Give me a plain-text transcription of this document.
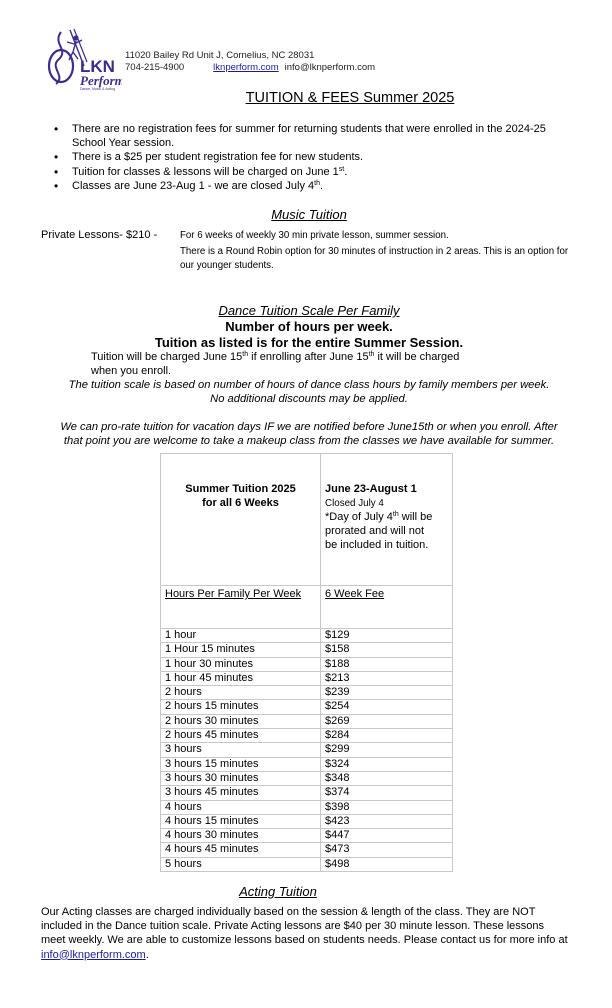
LKN
Perform
Dance, Music & Acting
11020 Bailey Rd Unit J, Cornelius, NC 28031
704-215-4900	lknperform.com info@lknperform.com
TUITION & FEES Summer 2025
• There are no registration fees for summer for returning students that were enrolled in the 2024-25 School Year session.
• There is a $25 per student registration fee for new students.
• Tuition for classes & lessons will be charged on June 1st.
• Classes are June 23-Aug 1 - we are closed July 4th.
Music Tuition
Private Lessons- $210 - For 6 weeks of weekly 30 min private lesson, summer session.
There is a Round Robin option for 30 minutes of instruction in 2 areas. This is an option for our younger students.
Dance Tuition Scale Per Family
Number of hours per week.
Tuition as listed is for the entire Summer Session.
Tuition will be charged June 15th if enrolling after June 15th it will be charged
when you enroll.
The tuition scale is based on number of hours of dance class hours by family members per week.
No additional discounts may be applied.
We can pro-rate tuition for vacation days IF we are notified before June15th or when you enroll. After
that point you are welcome to take a makeup class from the classes we have available for summer.
Summer Tuition 2025
for all 6 Weeks	June 23-August 1
Closed July 4
*Day of July 4th will be
prorated and will not
be included in tuition.
Hours Per Family Per Week	6 Week Fee
1 hour	$129
1 Hour 15 minutes	$158
1 hour 30 minutes	$188
1 hour 45 minutes	$213
2 hours	$239
2 hours 15 minutes	$254
2 hours 30 minutes	$269
2 hours 45 minutes	$284
3 hours	$299
3 hours 15 minutes	$324
3 hours 30 minutes	$348
3 hours 45 minutes	$374
4 hours	$398
4 hours 15 minutes	$423
4 hours 30 minutes	$447
4 hours 45 minutes	$473
5 hours	$498
Acting Tuition
Our Acting classes are charged individually based on the session & length of the class. They are NOT included in the Dance tuition scale. Private Acting lessons are $40 per 30 minute lesson. These lessons meet weekly. We are able to customize lessons based on students needs. Please contact us for more info at info@lknperform.com.
